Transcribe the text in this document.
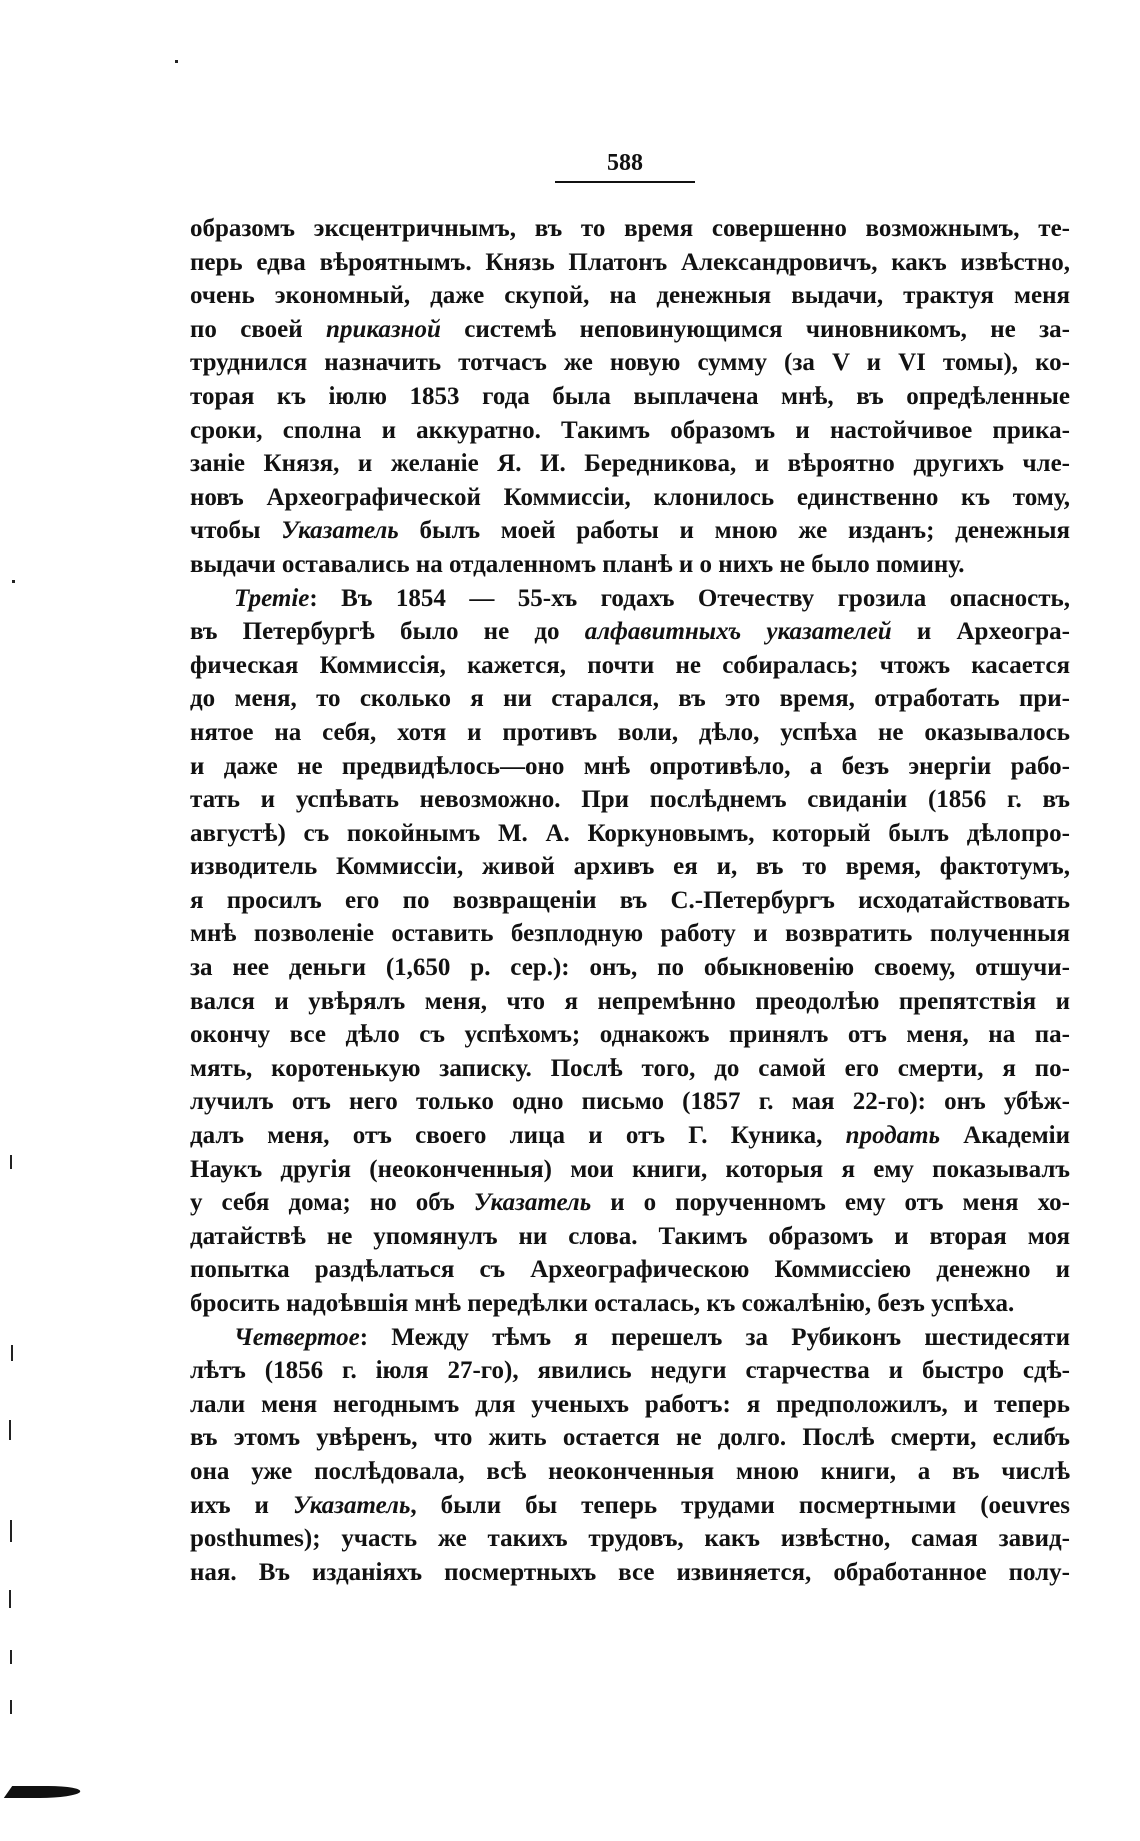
588
образомъ эксцентричнымъ, въ то время совершенно возможнымъ, те-
перь едва вѣроятнымъ. Князь Платонъ Александровичъ, какъ извѣстно,
очень экономный, даже скупой, на денежныя выдачи, трактуя меня
по своей приказной системѣ неповинующимся чиновникомъ, не за-
труднился назначить тотчасъ же новую сумму (за V и VI томы), ко-
торая къ іюлю 1853 года была выплачена мнѣ, въ опредѣленные
сроки, сполна и аккуратно. Такимъ образомъ и настойчивое прика-
заніе Князя, и желаніе Я. И. Бередникова, и вѣроятно другихъ чле-
новъ Археографической Коммиссіи, клонилось единственно къ тому,
чтобы Указатель былъ моей работы и мною же изданъ; денежныя
выдачи оставались на отдаленномъ планѣ и о нихъ не было помину.
Третіе: Въ 1854 — 55-хъ годахъ Отечеству грозила опасность,
въ Петербургѣ было не до алфавитныхъ указателей и Археогра-
фическая Коммиссія, кажется, почти не собиралась; чтожъ касается
до меня, то сколько я ни старался, въ это время, отработать при-
нятое на себя, хотя и противъ воли, дѣло, успѣха не оказывалось
и даже не предвидѣлось—оно мнѣ опротивѣло, а безъ энергіи рабо-
тать и успѣвать невозможно. При послѣднемъ свиданіи (1856 г. въ
августѣ) съ покойнымъ М. А. Коркуновымъ, который былъ дѣлопро-
изводитель Коммиссіи, живой архивъ ея и, въ то время, фактотумъ,
я просилъ его по возвращеніи въ С.-Петербургъ исходатайствовать
мнѣ позволеніе оставить безплодную работу и возвратить полученныя
за нее деньги (1,650 р. сер.): онъ, по обыкновенію своему, отшучи-
вался и увѣрялъ меня, что я непремѣнно преодолѣю препятствія и
окончу все дѣло съ успѣхомъ; однакожъ принялъ отъ меня, на па-
мять, коротенькую записку. Послѣ того, до самой его смерти, я по-
лучилъ отъ него только одно письмо (1857 г. мая 22-го): онъ убѣж-
далъ меня, отъ своего лица и отъ Г. Куника, продать Академіи
Наукъ другія (неоконченныя) мои книги, которыя я ему показывалъ
у себя дома; но объ Указатель и о порученномъ ему отъ меня хо-
датайствѣ не упомянулъ ни слова. Такимъ образомъ и вторая моя
попытка раздѣлаться съ Археографическою Коммиссіею денежно и
бросить надоѣвшія мнѣ передѣлки осталась, къ сожалѣнію, безъ успѣха.
Четвертое: Между тѣмъ я перешелъ за Рубиконъ шестидесяти
лѣтъ (1856 г. іюля 27-го), явились недуги старчества и быстро сдѣ-
лали меня негоднымъ для ученыхъ работъ: я предположилъ, и теперь
въ этомъ увѣренъ, что жить остается не долго. Послѣ смерти, еслибъ
она уже послѣдовала, всѣ неоконченныя мною книги, а въ числѣ
ихъ и Указатель, были бы теперь трудами посмертными (oeuvres
posthumes); участь же такихъ трудовъ, какъ извѣстно, самая завид-
ная. Въ изданіяхъ посмертныхъ все извиняется, обработанное полу-
